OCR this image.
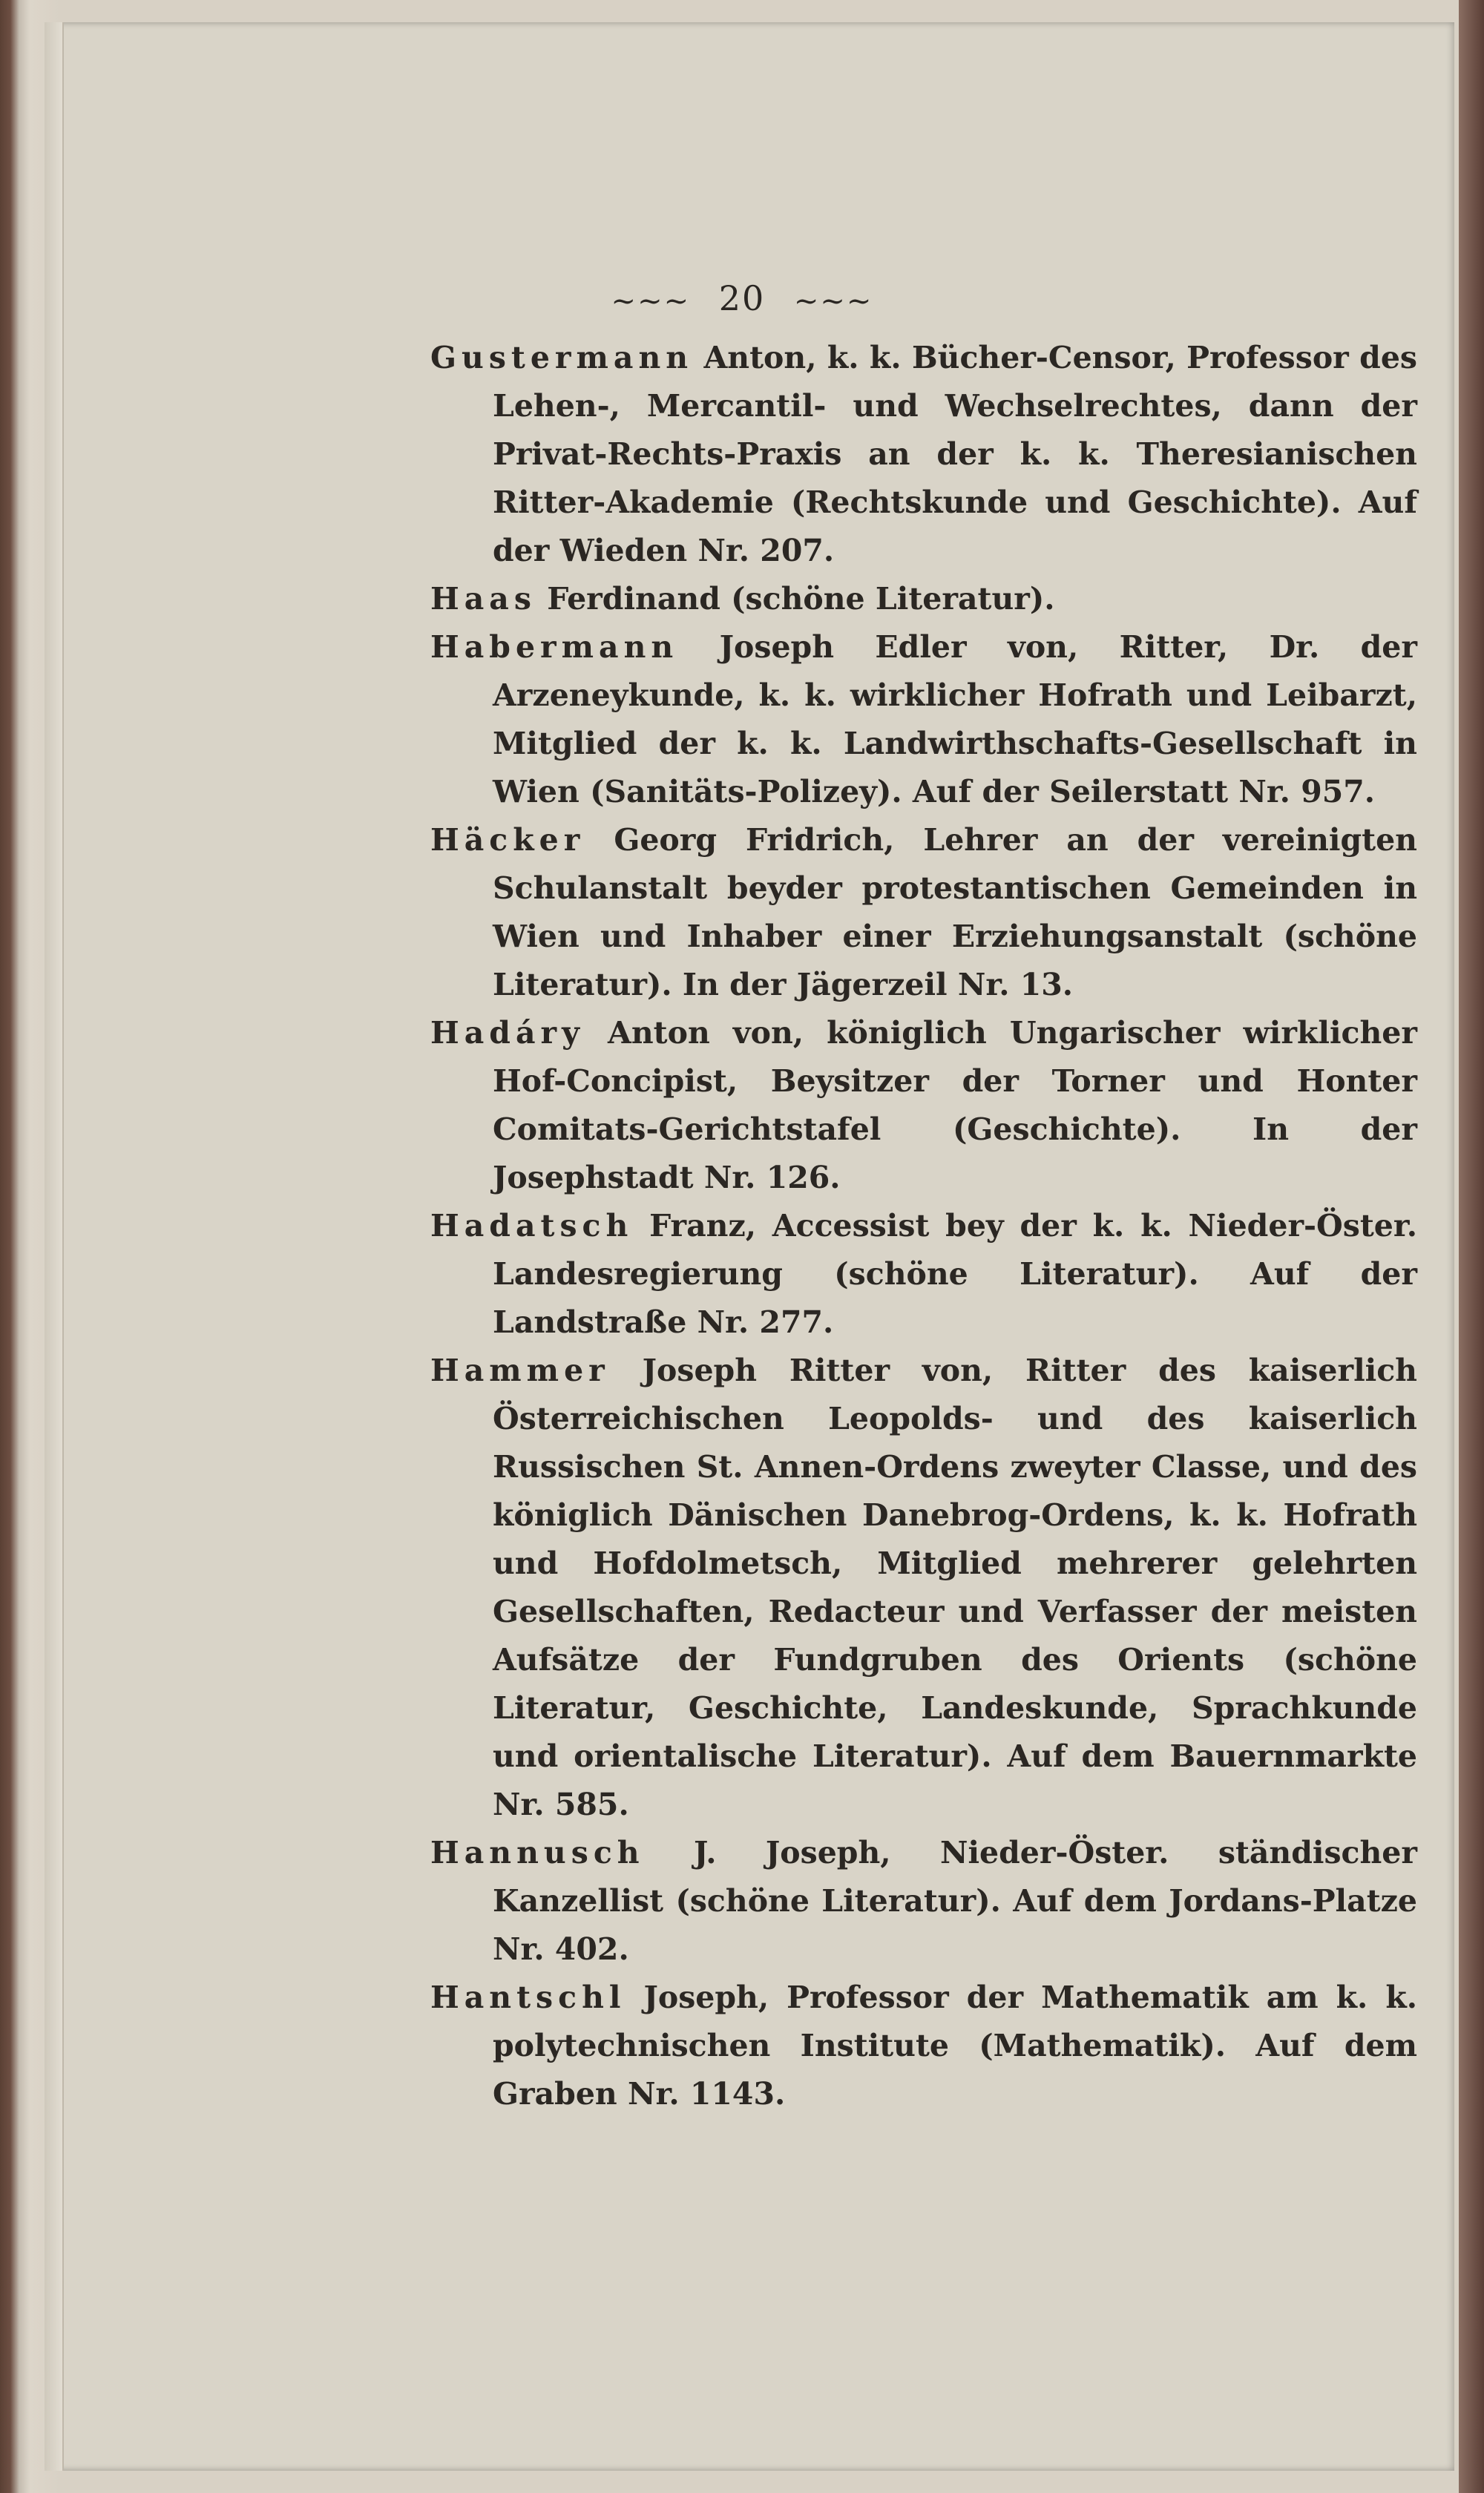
~~~ 20 ~~~

Gustermann Anton, k. k. Bücher-Censor, Professor des Lehen-, Mercantil- und Wechselrechtes, dann der Privat-Rechts-Praxis an der k. k. Theresianischen Ritter-Akademie (Rechtskunde und Geschichte). Auf der Wieden Nr. 207.

Haas Ferdinand (schöne Literatur).

Habermann Joseph Edler von, Ritter, Dr. der Arzeneykunde, k. k. wirklicher Hofrath und Leibarzt, Mitglied der k. k. Landwirthschafts-Gesellschaft in Wien (Sanitäts-Polizey). Auf der Seilerstatt Nr. 957.

Häcker Georg Fridrich, Lehrer an der vereinigten Schulanstalt beyder protestantischen Gemeinden in Wien und Inhaber einer Erziehungsanstalt (schöne Literatur). In der Jägerzeil Nr. 13.

Hadáry Anton von, königlich Ungarischer wirklicher Hof-Concipist, Beysitzer der Torner und Honter Comitats-Gerichtstafel (Geschichte). In der Josephstadt Nr. 126.

Hadatsch Franz, Accessist bey der k. k. Nieder-Öster. Landesregierung (schöne Literatur). Auf der Landstraße Nr. 277.

Hammer Joseph Ritter von, Ritter des kaiserlich Österreichischen Leopolds- und des kaiserlich Russischen St. Annen-Ordens zweyter Classe, und des königlich Dänischen Danebrog-Ordens, k. k. Hofrath und Hofdolmetsch, Mitglied mehrerer gelehrten Gesellschaften, Redacteur und Verfasser der meisten Aufsätze der Fundgruben des Orients (schöne Literatur, Geschichte, Landeskunde, Sprachkunde und orientalische Literatur). Auf dem Bauernmarkte Nr. 585.

Hannusch J. Joseph, Nieder-Öster. ständischer Kanzellist (schöne Literatur). Auf dem Jordans-Platze Nr. 402.

Hantschl Joseph, Professor der Mathematik am k. k. polytechnischen Institute (Mathematik). Auf dem Graben Nr. 1143.
